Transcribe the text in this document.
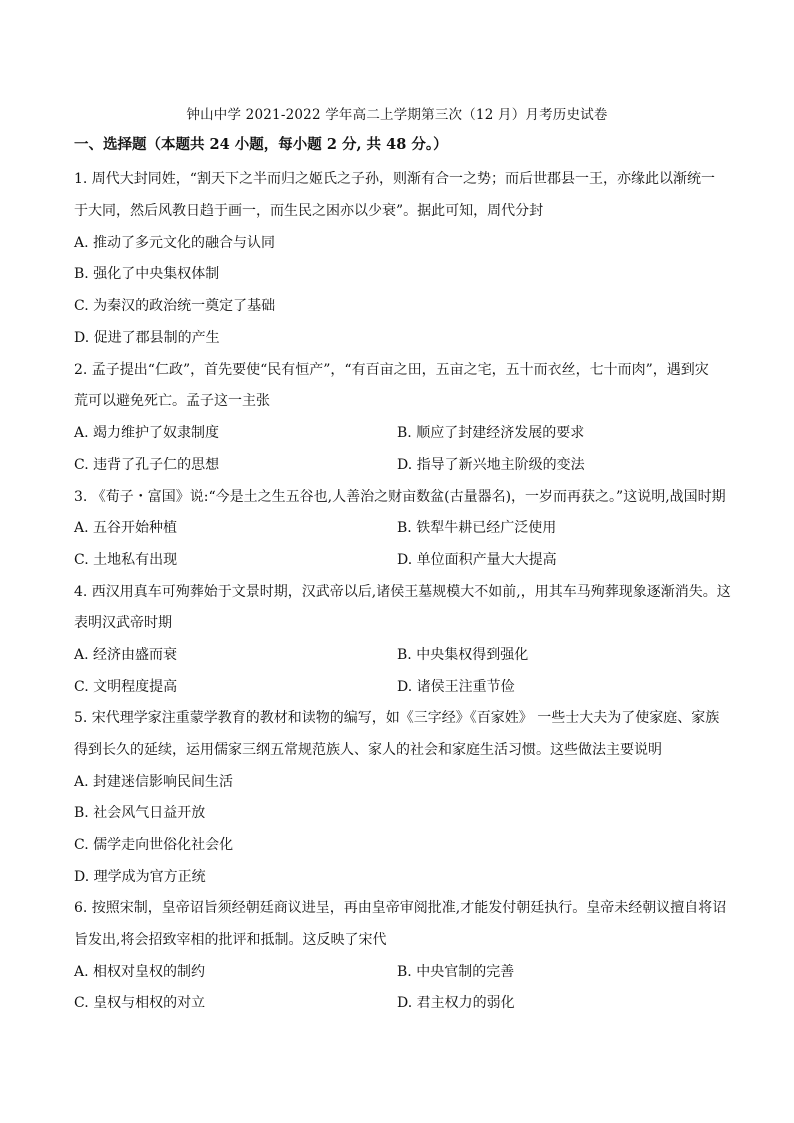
钟山中学 2021-2022 学年高二上学期第三次（12 月）月考历史试卷
一、选择题（本题共 24 小题，每小题 2 分, 共 48 分。）
1. 周代大封同姓，“割天下之半而归之姬氏之子孙，则渐有合一之势；而后世郡县一王，亦缘此以渐统一
于大同，然后风教日趋于画一，而生民之困亦以少衰”。据此可知，周代分封
A. 推动了多元文化的融合与认同
B. 强化了中央集权体制
C. 为秦汉的政治统一奠定了基础
D. 促进了郡县制的产生
2. 孟子提出“仁政”，首先要使“民有恒产”，“有百亩之田，五亩之宅，五十而衣丝，七十而肉”，遇到灾
荒可以避免死亡。孟子这一主张
A. 竭力维护了奴隶制度	B. 顺应了封建经济发展的要求
C. 违背了孔子仁的思想	D. 指导了新兴地主阶级的变法
3. 《荀子・富国》说:“今是土之生五谷也,人善治之财亩数盆(古量器名)，一岁而再获之。”这说明,战国时期
A. 五谷开始种植	B. 铁犁牛耕已经广泛使用
C. 土地私有出现	D. 单位面积产量大大提高
4. 西汉用真车可殉葬始于文景时期，汉武帝以后,诸侯王墓规模大不如前,，用其车马殉葬现象逐渐消失。这
表明汉武帝时期
A. 经济由盛而衰	B. 中央集权得到强化
C. 文明程度提高	D. 诸侯王注重节俭
5. 宋代理学家注重蒙学教育的教材和读物的编写，如《三字经》《百家姓》 一些士大夫为了使家庭、家族
得到长久的延续，运用儒家三纲五常规范族人、家人的社会和家庭生活习惯。这些做法主要说明
A. 封建迷信影响民间生活
B. 社会风气日益开放
C. 儒学走向世俗化社会化
D. 理学成为官方正统
6. 按照宋制，皇帝诏旨须经朝廷商议进呈，再由皇帝审阅批准,才能发付朝廷执行。皇帝未经朝议擅自将诏
旨发出,将会招致宰相的批评和抵制。这反映了宋代
A. 相权对皇权的制约	B. 中央官制的完善
C. 皇权与相权的对立	D. 君主权力的弱化
